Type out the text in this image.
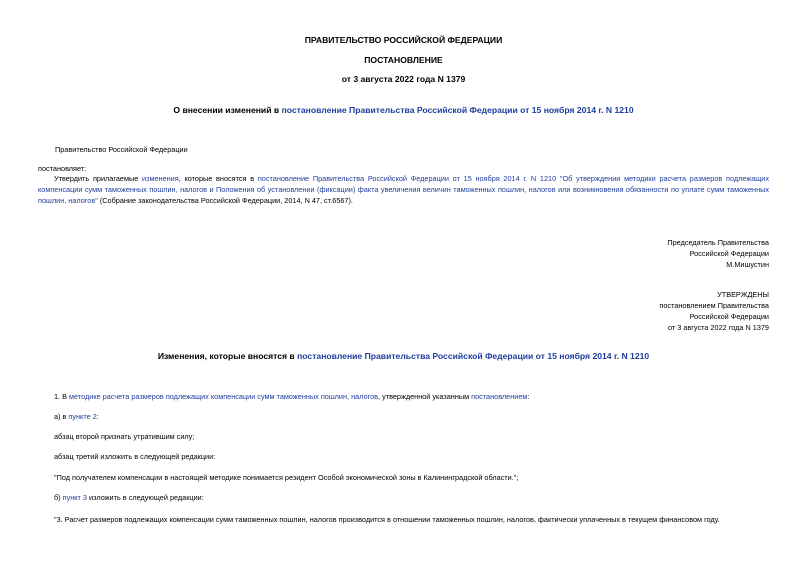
ПРАВИТЕЛЬСТВО РОССИЙСКОЙ ФЕДЕРАЦИИ
ПОСТАНОВЛЕНИЕ
от 3 августа 2022 года N 1379
О внесении изменений в постановление Правительства Российской Федерации от 15 ноября 2014 г. N 1210
Правительство Российской Федерации
постановляет:
Утвердить прилагаемые изменения, которые вносятся в постановление Правительства Российской Федерации от 15 ноября 2014 г. N 1210 "Об утверждении методики расчета размеров подлежащих компенсации сумм таможенных пошлин, налогов и Положения об установлении (фиксации) факта увеличения величин таможенных пошлин, налогов или возникновения обязанности по уплате сумм таможенных пошлин, налогов" (Собрание законодательства Российской Федерации, 2014, N 47, ст.6567).
Председатель Правительства
Российской Федерации
М.Мишустин
УТВЕРЖДЕНЫ
постановлением Правительства
Российской Федерации
от 3 августа 2022 года N 1379
Изменения, которые вносятся в постановление Правительства Российской Федерации от 15 ноября 2014 г. N 1210
1. В методике расчета размеров подлежащих компенсации сумм таможенных пошлин, налогов, утвержденной указанным постановлением:
а) в пункте 2:
абзац второй признать утратившим силу;
абзац третий изложить в следующей редакции:
"Под получателем компенсации в настоящей методике понимается резидент Особой экономической зоны в Калининградской области.";
б) пункт 3 изложить в следующей редакции:
"3. Расчет размеров подлежащих компенсации сумм таможенных пошлин, налогов производится в отношении таможенных пошлин, налогов, фактически уплаченных в текущем финансовом году.
